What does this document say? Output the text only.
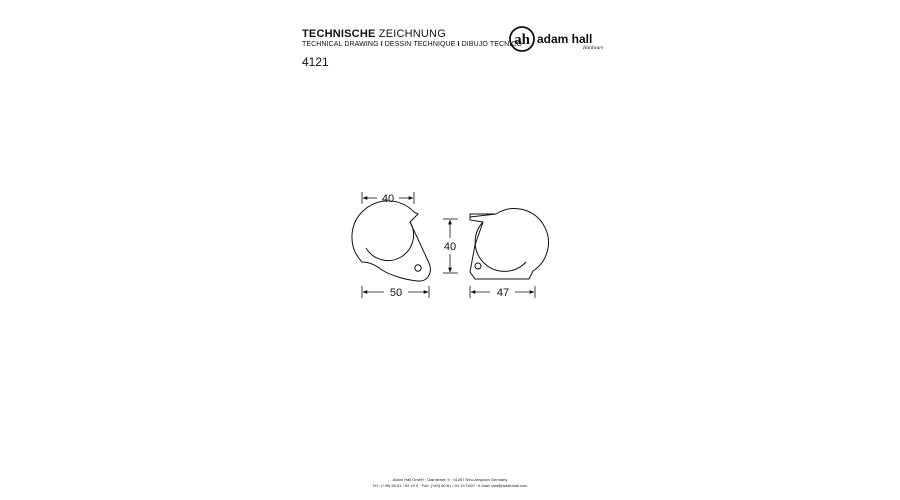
TECHNISCHE ZEICHNUNG
TECHNICAL DRAWING I DESSIN TECHNIQUE I DIBUJO TECNICO
4121
ah adam hall
Hardware
40
50
40
47
Adam Hall GmbH · Daimlerstr. 9 · 61267 Neu-Anspach Germany
Tel.: (+49) 60 81 / 94 19 0 · Fax: (+49) 60 81 / 94 19 1000 · e-mail: mail@adamhall.com
